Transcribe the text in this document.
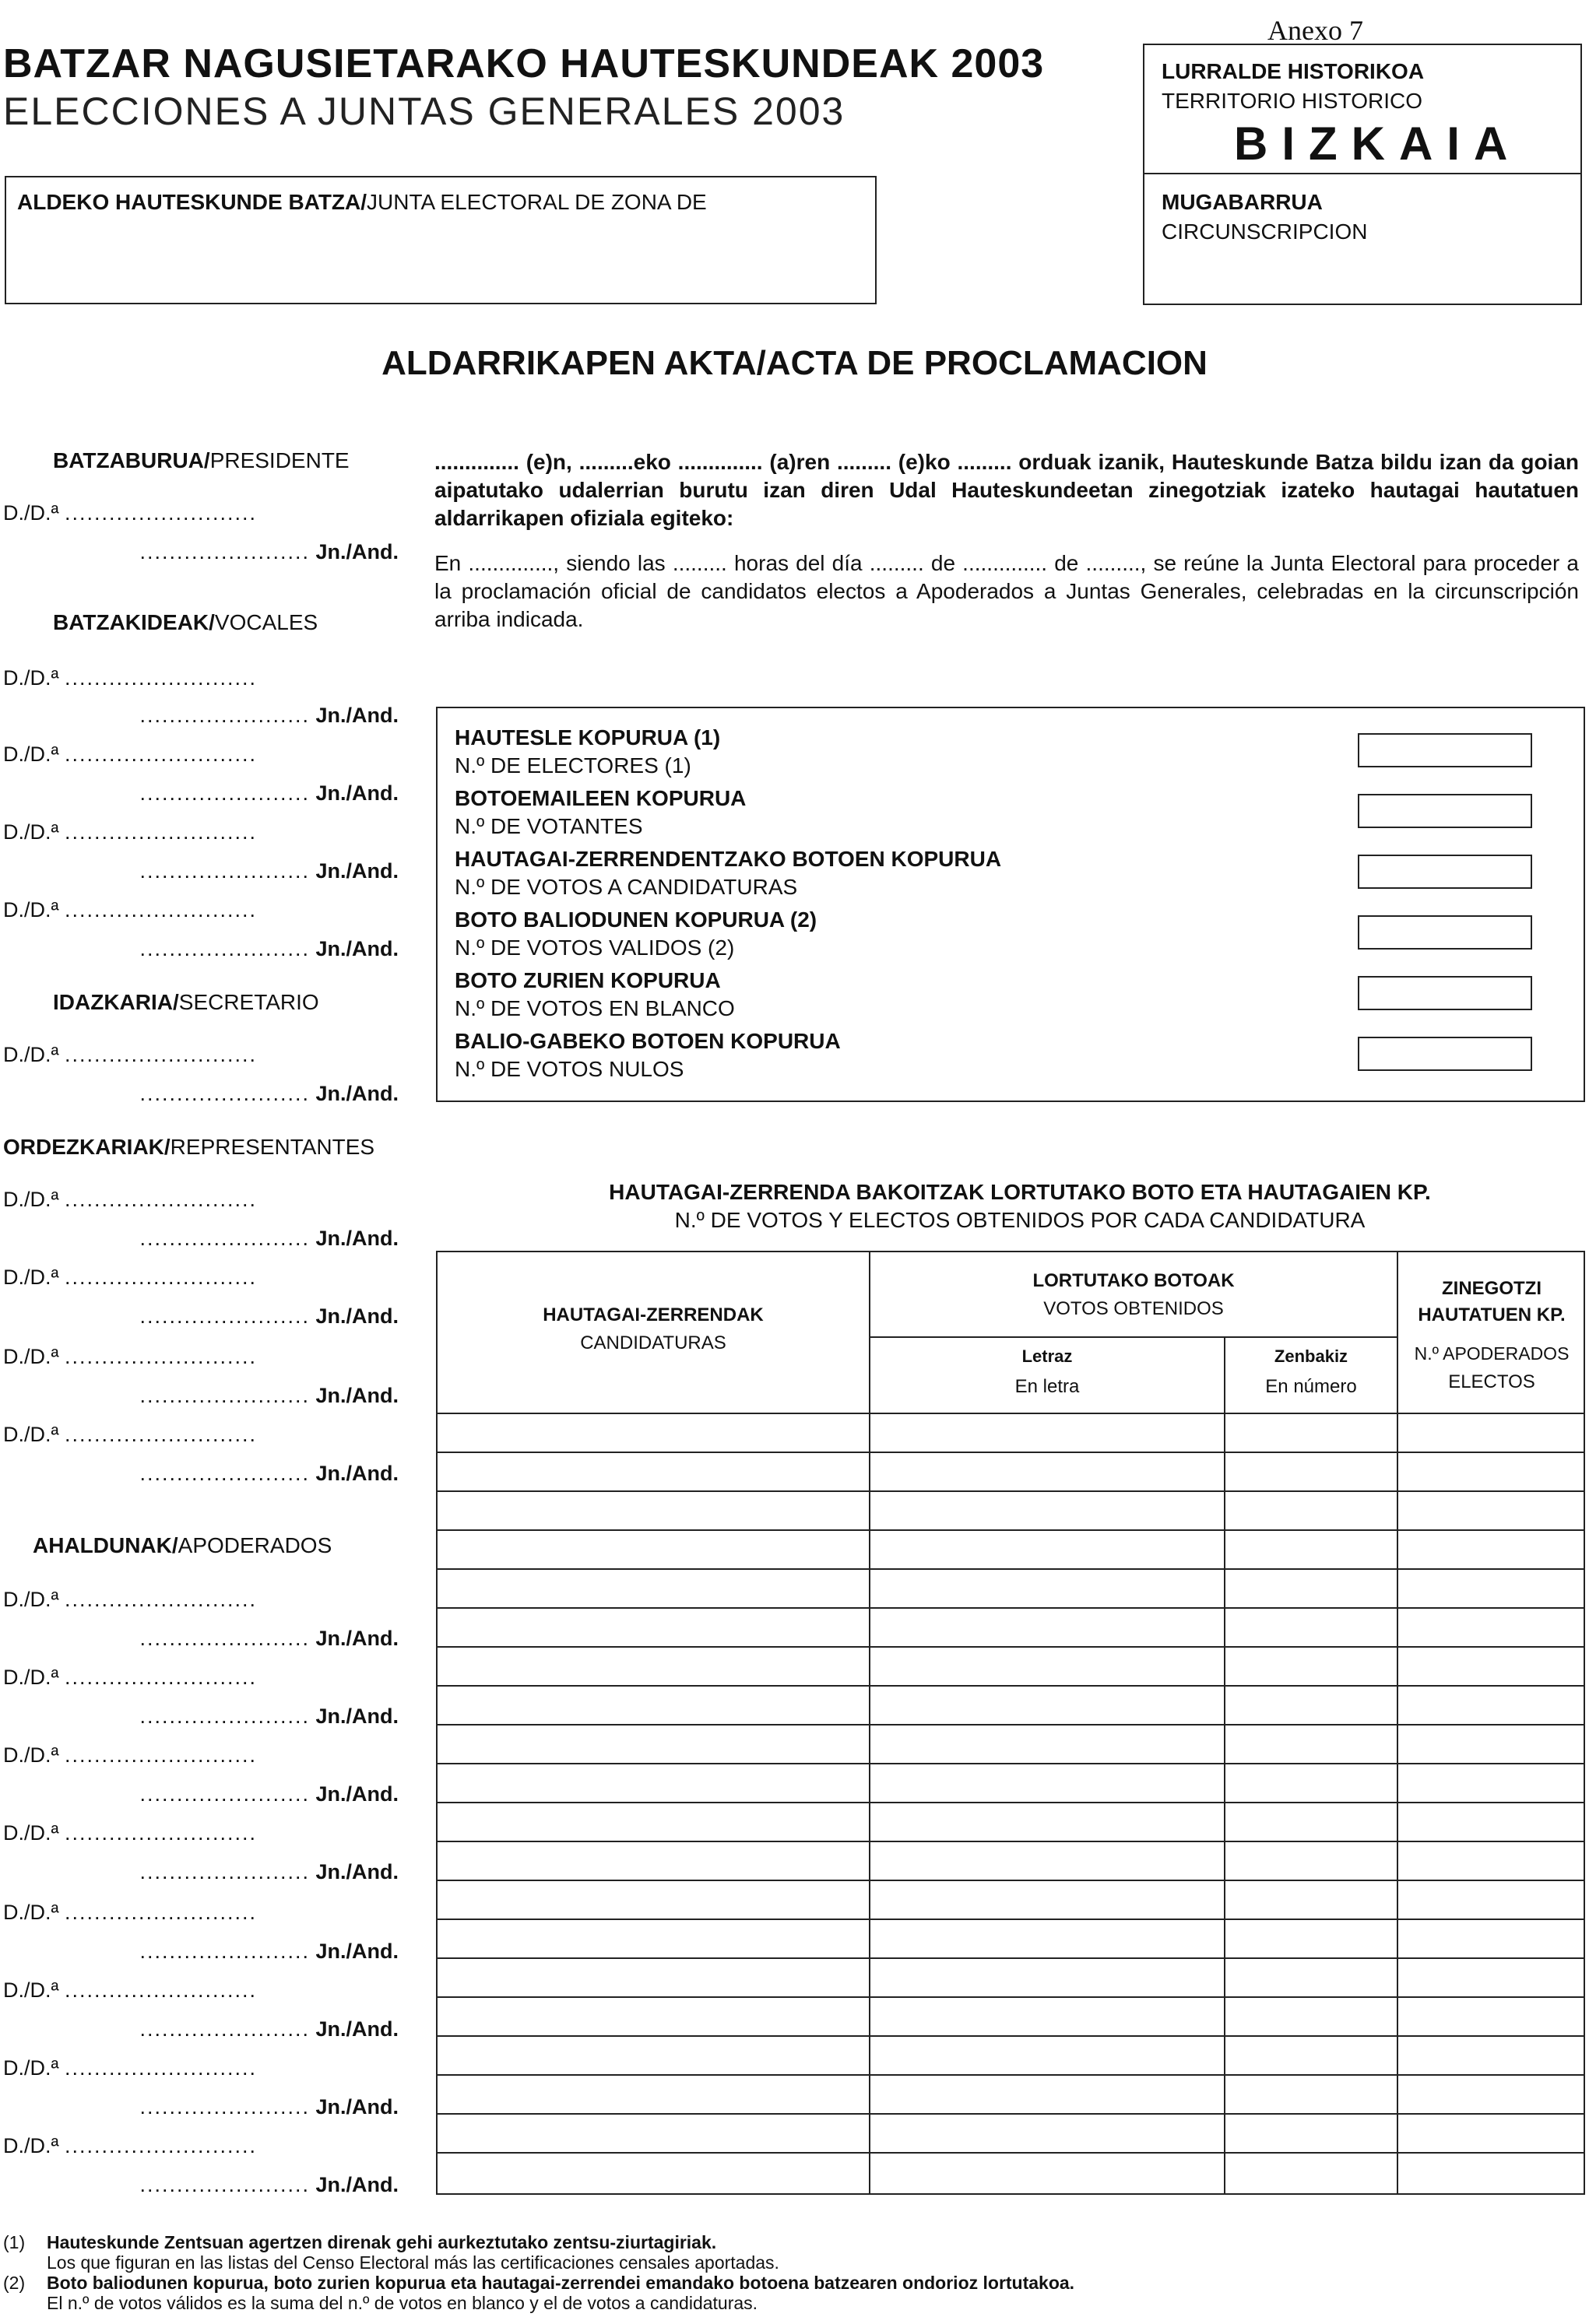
BATZAR NAGUSIETARAKO HAUTESKUNDEAK 2003
ELECCIONES A JUNTAS GENERALES 2003
ALDEKO HAUTESKUNDE BATZA/JUNTA ELECTORAL DE ZONA DE
Anexo 7
LURRALDE HISTORIKOA
TERRITORIO HISTORICO
BIZKAIA
MUGABARRUA
CIRCUNSCRIPCION
ALDARRIKAPEN AKTA/ACTA DE PROCLAMACION
BATZABURUA/PRESIDENTE
D./D.ª ..........................
....................... Jn./And.
BATZAKIDEAK/VOCALES
D./D.ª ..........................
....................... Jn./And.
D./D.ª ..........................
....................... Jn./And.
D./D.ª ..........................
....................... Jn./And.
D./D.ª ..........................
....................... Jn./And.
IDAZKARIA/SECRETARIO
D./D.ª ..........................
....................... Jn./And.
ORDEZKARIAK/REPRESENTANTES
D./D.ª ..........................
....................... Jn./And.
D./D.ª ..........................
....................... Jn./And.
D./D.ª ..........................
....................... Jn./And.
D./D.ª ..........................
....................... Jn./And.
AHALDUNAK/APODERADOS
D./D.ª ..........................
....................... Jn./And.
D./D.ª ..........................
....................... Jn./And.
D./D.ª ..........................
....................... Jn./And.
D./D.ª ..........................
....................... Jn./And.
D./D.ª ..........................
....................... Jn./And.
D./D.ª ..........................
....................... Jn./And.
D./D.ª ..........................
....................... Jn./And.
D./D.ª ..........................
....................... Jn./And.
.............. (e)n, .........eko .............. (a)ren ......... (e)ko ......... orduak izanik, Hauteskunde Batza bildu izan da goian aipatutako udalerrian burutu izan diren Udal Hauteskundeetan zinegotziak izateko hautagai hautatuen aldarrikapen ofiziala egiteko:
En .............., siendo las ......... horas del día ......... de .............. de ........., se reúne la Junta Electoral para proceder a la proclamación oficial de candidatos electos a Apoderados a Juntas Generales, celebradas en la circunscripción arriba indicada.
HAUTESLE KOPURUA (1)
N.º DE ELECTORES (1)
BOTOEMAILEEN KOPURUA
N.º DE VOTANTES
HAUTAGAI-ZERRENDENTZAKO BOTOEN KOPURUA
N.º DE VOTOS A CANDIDATURAS
BOTO BALIODUNEN KOPURUA (2)
N.º DE VOTOS VALIDOS (2)
BOTO ZURIEN KOPURUA
N.º DE VOTOS EN BLANCO
BALIO-GABEKO BOTOEN KOPURUA
N.º DE VOTOS NULOS
HAUTAGAI-ZERRENDA BAKOITZAK LORTUTAKO BOTO ETA HAUTAGAIEN KP.
N.º DE VOTOS Y ELECTOS OBTENIDOS POR CADA CANDIDATURA
HAUTAGAI-ZERRENDAK
CANDIDATURAS
LORTUTAKO BOTOAK
VOTOS OBTENIDOS
Letraz
En letra
Zenbakiz
En número
ZINEGOTZI
HAUTATUEN KP.
N.º APODERADOS
ELECTOS
(1) Hauteskunde Zentsuan agertzen direnak gehi aurkeztutako zentsu-ziurtagiriak.
Los que figuran en las listas del Censo Electoral más las certificaciones censales aportadas.
(2) Boto baliodunen kopurua, boto zurien kopurua eta hautagai-zerrendei emandako botoena batzearen ondorioz lortutakoa.
El n.º de votos válidos es la suma del n.º de votos en blanco y el de votos a candidaturas.
